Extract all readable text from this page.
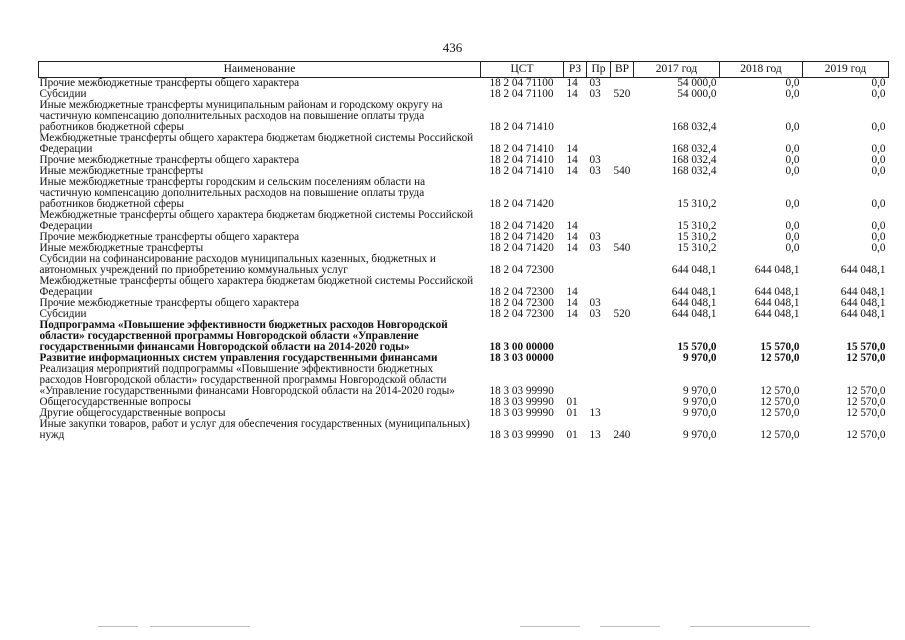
436
Наименование	ЦСТ	РЗ	Пр	ВР	2017 год	2018 год	2019 год
Прочие межбюджетные трансферты общего характера	18 2 04 71100	14	03		54 000,0	0,0	0,0
Субсидии	18 2 04 71100	14	03	520	54 000,0	0,0	0,0
Иные межбюджетные трансферты муниципальным районам и городскому округу на частичную компенсацию дополнительных расходов на повышение оплаты труда работников бюджетной сферы	18 2 04 71410				168 032,4	0,0	0,0
Межбюджетные трансферты общего характера бюджетам бюджетной системы Российской Федерации	18 2 04 71410	14			168 032,4	0,0	0,0
Прочие межбюджетные трансферты общего характера	18 2 04 71410	14	03		168 032,4	0,0	0,0
Иные межбюджетные трансферты	18 2 04 71410	14	03	540	168 032,4	0,0	0,0
Иные межбюджетные трансферты городским и сельским поселениям области на частичную компенсацию дополнительных расходов на повышение оплаты труда работников бюджетной сферы	18 2 04 71420				15 310,2	0,0	0,0
Межбюджетные трансферты общего характера бюджетам бюджетной системы Российской Федерации	18 2 04 71420	14			15 310,2	0,0	0,0
Прочие межбюджетные трансферты общего характера	18 2 04 71420	14	03		15 310,2	0,0	0,0
Иные межбюджетные трансферты	18 2 04 71420	14	03	540	15 310,2	0,0	0,0
Субсидии на софинансирование расходов муниципальных казенных, бюджетных и автономных учреждений по приобретению коммунальных услуг	18 2 04 72300				644 048,1	644 048,1	644 048,1
Межбюджетные трансферты общего характера бюджетам бюджетной системы Российской Федерации	18 2 04 72300	14			644 048,1	644 048,1	644 048,1
Прочие межбюджетные трансферты общего характера	18 2 04 72300	14	03		644 048,1	644 048,1	644 048,1
Субсидии	18 2 04 72300	14	03	520	644 048,1	644 048,1	644 048,1
Подпрограмма «Повышение эффективности бюджетных расходов Новгородской области» государственной программы Новгородской области «Управление государственными финансами Новгородской области на 2014-2020 годы»	18 3 00 00000				15 570,0	15 570,0	15 570,0
Развитие информационных систем управления государственными финансами	18 3 03 00000				9 970,0	12 570,0	12 570,0
Реализация мероприятий подпрограммы «Повышение эффективности бюджетных расходов Новгородской области» государственной программы Новгородской области «Управление государственными финансами Новгородской области на 2014-2020 годы»	18 3 03 99990				9 970,0	12 570,0	12 570,0
Общегосударственные вопросы	18 3 03 99990	01			9 970,0	12 570,0	12 570,0
Другие общегосударственные вопросы	18 3 03 99990	01	13		9 970,0	12 570,0	12 570,0
Иные закупки товаров, работ и услуг для обеспечения государственных (муниципальных) нужд	18 3 03 99990	01	13	240	9 970,0	12 570,0	12 570,0
